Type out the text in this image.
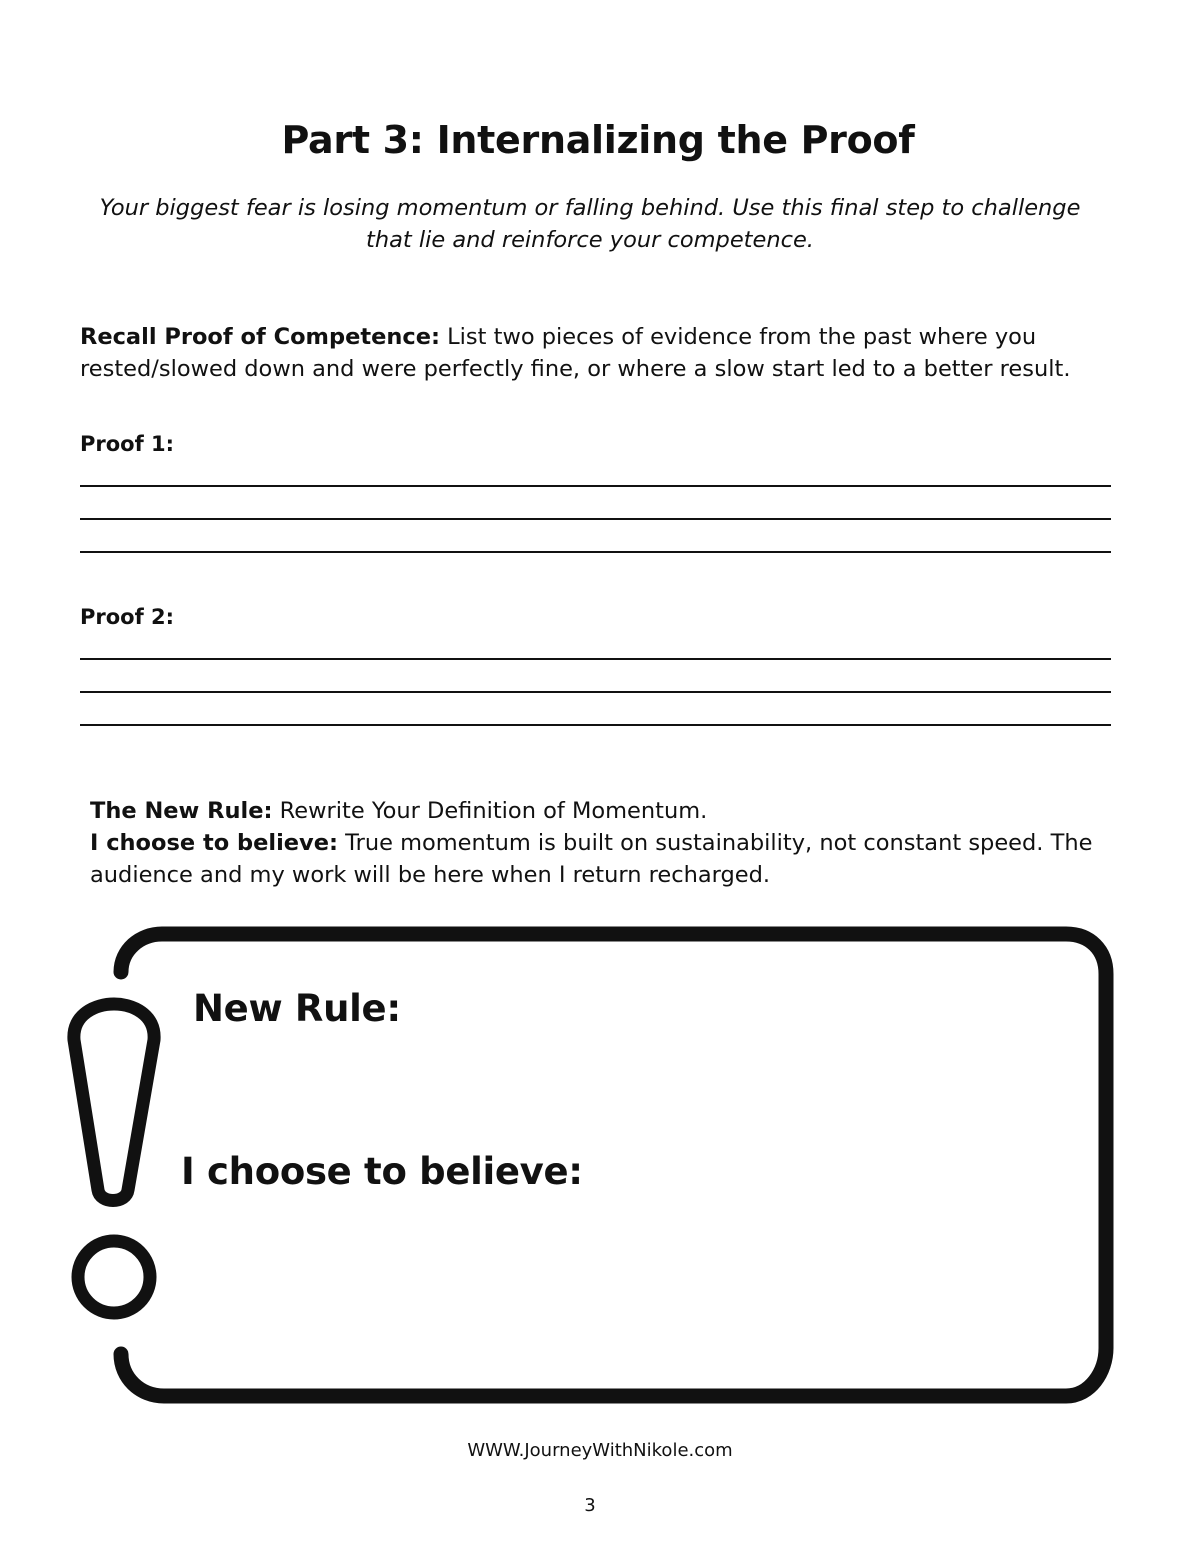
Part 3: Internalizing the Proof

Your biggest fear is losing momentum or falling behind. Use this final step to challenge that lie and reinforce your competence.

Recall Proof of Competence: List two pieces of evidence from the past where you rested/slowed down and were perfectly fine, or where a slow start led to a better result.

Proof 1:

Proof 2:

The New Rule: Rewrite Your Definition of Momentum.

I choose to believe: True momentum is built on sustainability, not constant speed. The audience and my work will be here when I return recharged.

New Rule:

I choose to believe:

WWW.JourneyWithNikole.com

3
